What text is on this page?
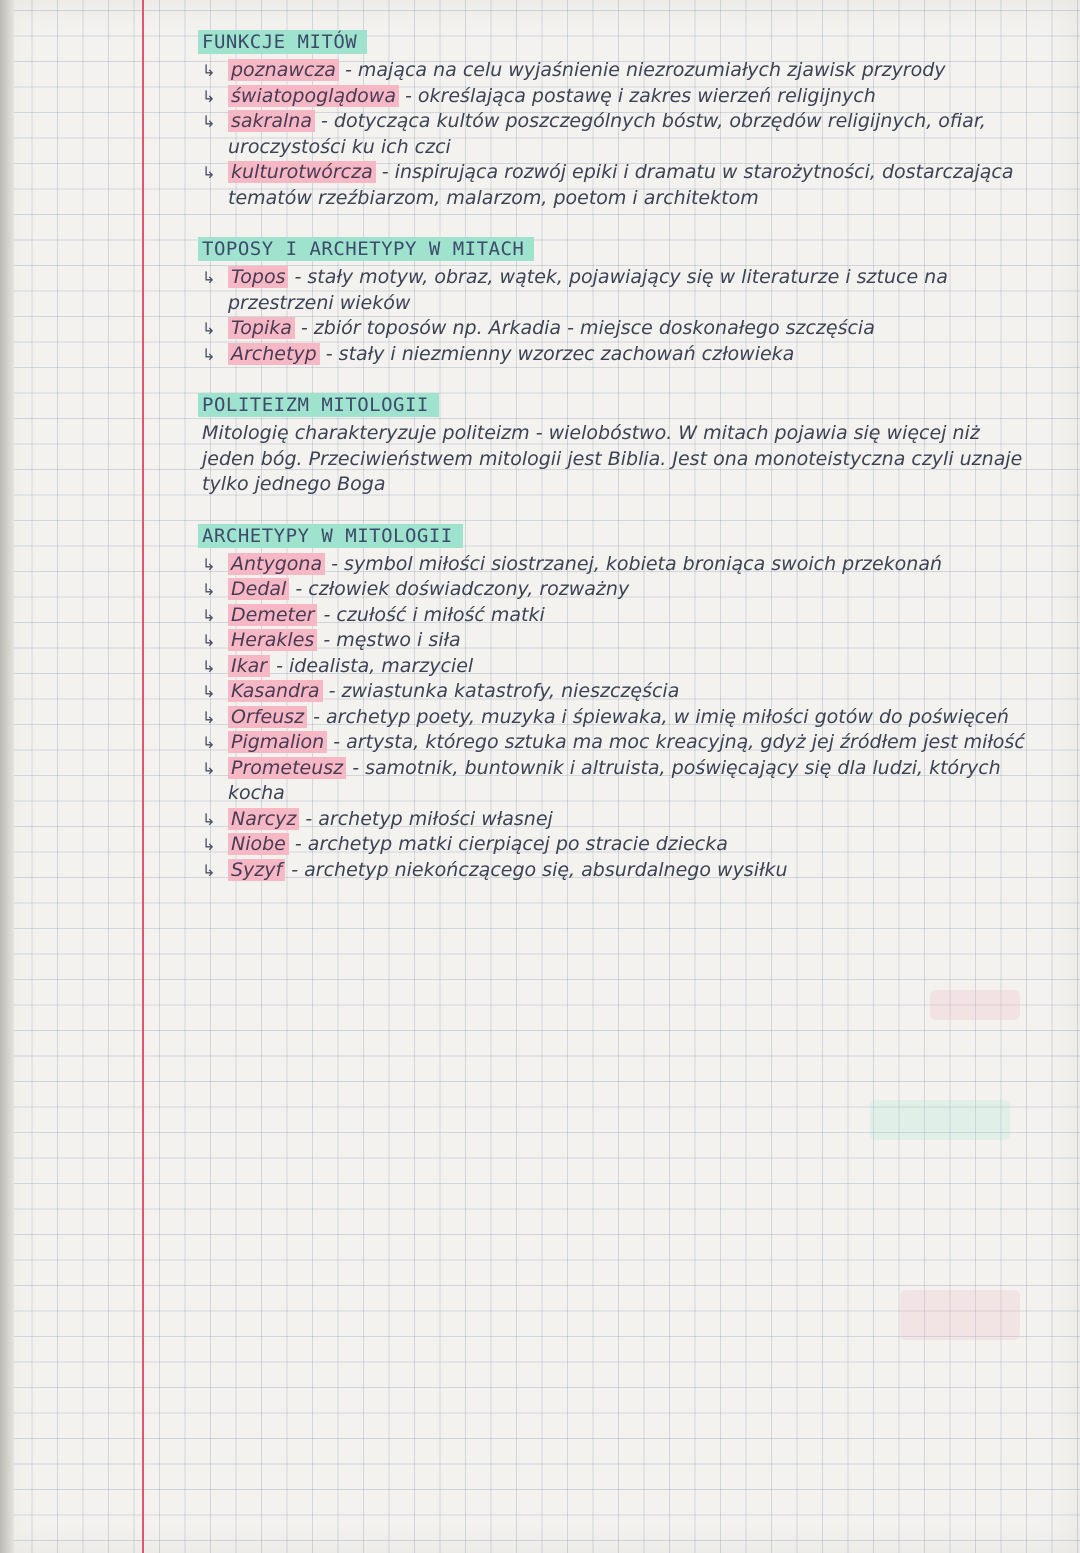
FUNKCJE MITÓW
↳ poznawcza - mająca na celu wyjaśnienie niezrozumiałych zjawisk przyrody
↳ światopoglądowa - określająca postawę i zakres wierzeń religijnych
↳ sakralna - dotycząca kultów poszczególnych bóstw, obrzędów religijnych, ofiar, uroczystości ku ich czci
↳ kulturotwórcza - inspirująca rozwój epiki i dramatu w starożytności, dostarczająca tematów rzeźbiarzom, malarzom, poetom i architektom
TOPOSY I ARCHETYPY W MITACH
↳ Topos - stały motyw, obraz, wątek, pojawiający się w literaturze i sztuce na przestrzeni wieków
↳ Topika - zbiór toposów np. Arkadia - miejsce doskonałego szczęścia
↳ Archetyp - stały i niezmienny wzorzec zachowań człowieka
POLITEIZM MITOLOGII

Mitologię charakteryzuje politeizm - wielobóstwo. W mitach pojawia się więcej niż jeden bóg. Przeciwieństwem mitologii jest Biblia. Jest ona monoteistyczna czyli uznaje tylko jednego Boga

ARCHETYPY W MITOLOGII
↳ Antygona - symbol miłości siostrzanej, kobieta broniąca swoich przekonań
↳ Dedal - człowiek doświadczony, rozważny
↳ Demeter - czułość i miłość matki
↳ Herakles - męstwo i siła
↳ Ikar - idealista, marzyciel
↳ Kasandra - zwiastunka katastrofy, nieszczęścia
↳ Orfeusz - archetyp poety, muzyka i śpiewaka, w imię miłości gotów do poświęceń
↳ Pigmalion - artysta, którego sztuka ma moc kreacyjną, gdyż jej źródłem jest miłość
↳ Prometeusz - samotnik, buntownik i altruista, poświęcający się dla ludzi, których kocha
↳ Narcyz - archetyp miłości własnej
↳ Niobe - archetyp matki cierpiącej po stracie dziecka
↳ Syzyf - archetyp niekończącego się, absurdalnego wysiłku
